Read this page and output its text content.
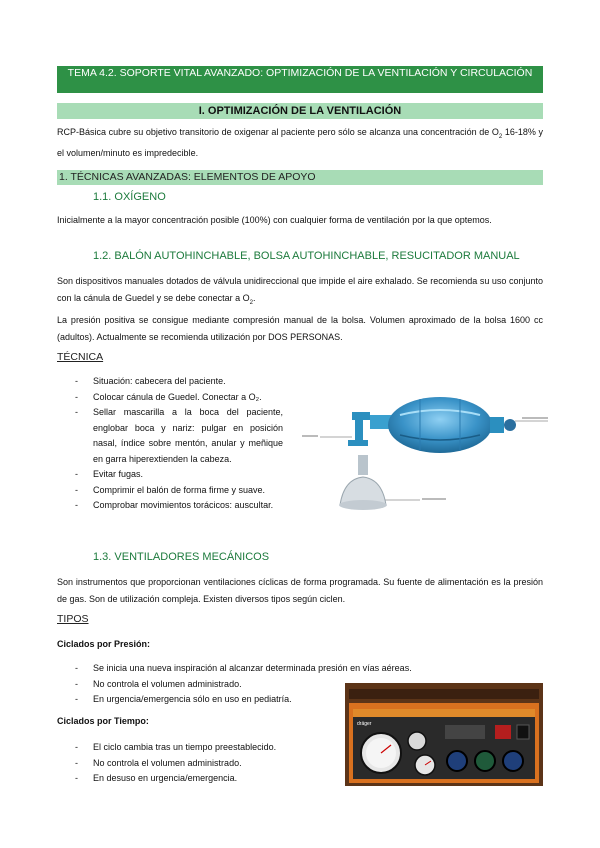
TEMA 4.2. SOPORTE VITAL AVANZADO: OPTIMIZACIÓN DE LA VENTILACIÓN Y CIRCULACIÓN
I. OPTIMIZACIÓN DE LA VENTILACIÓN
RCP-Básica cubre su objetivo transitorio de oxigenar al paciente pero sólo se alcanza una concentración de $O_2$ 16-18% y el volumen/minuto es impredecible.
1. TÉCNICAS AVANZADAS: ELEMENTOS DE APOYO
1.1. OXÍGENO
Inicialmente a la mayor concentración posible (100%) con cualquier forma de ventilación por la que optemos.
1.2. BALÓN AUTOHINCHABLE, BOLSA AUTOHINCHABLE, RESUCITADOR MANUAL
Son dispositivos manuales dotados de válvula unidireccional que impide el aire exhalado. Se recomienda su uso conjunto con la cánula de Guedel y se debe conectar a $O_2$.
La presión positiva se consigue mediante compresión manual de la bolsa. Volumen aproximado de la bolsa 1600 cc (adultos). Actualmente se recomienda utilización por DOS PERSONAS.
TÉCNICA
- Situación: cabecera del paciente.
- Colocar cánula de Guedel. Conectar a O₂.
- Sellar mascarilla a la boca del paciente, englobar boca y nariz: pulgar en posición nasal, índice sobre mentón, anular y meñique en garra hiperextienden la cabeza.
- Evitar fugas.
- Comprimir el balón de forma firme y suave.
- Comprobar movimientos torácicos: auscultar.
1.3. VENTILADORES MECÁNICOS
Son instrumentos que proporcionan ventilaciones cíclicas de forma programada. Su fuente de alimentación es la presión de gas. Son de utilización compleja. Existen diversos tipos según ciclen.
TIPOS
Ciclados por Presión:
- Se inicia una nueva inspiración al alcanzar determinada presión en vías aéreas.
- No controla el volumen administrado.
- En urgencia/emergencia sólo en uso en pediatría.
Ciclados por Tiempo:
- El ciclo cambia tras un tiempo preestablecido.
- No controla el volumen administrado.
- En desuso en urgencia/emergencia.
dräger
